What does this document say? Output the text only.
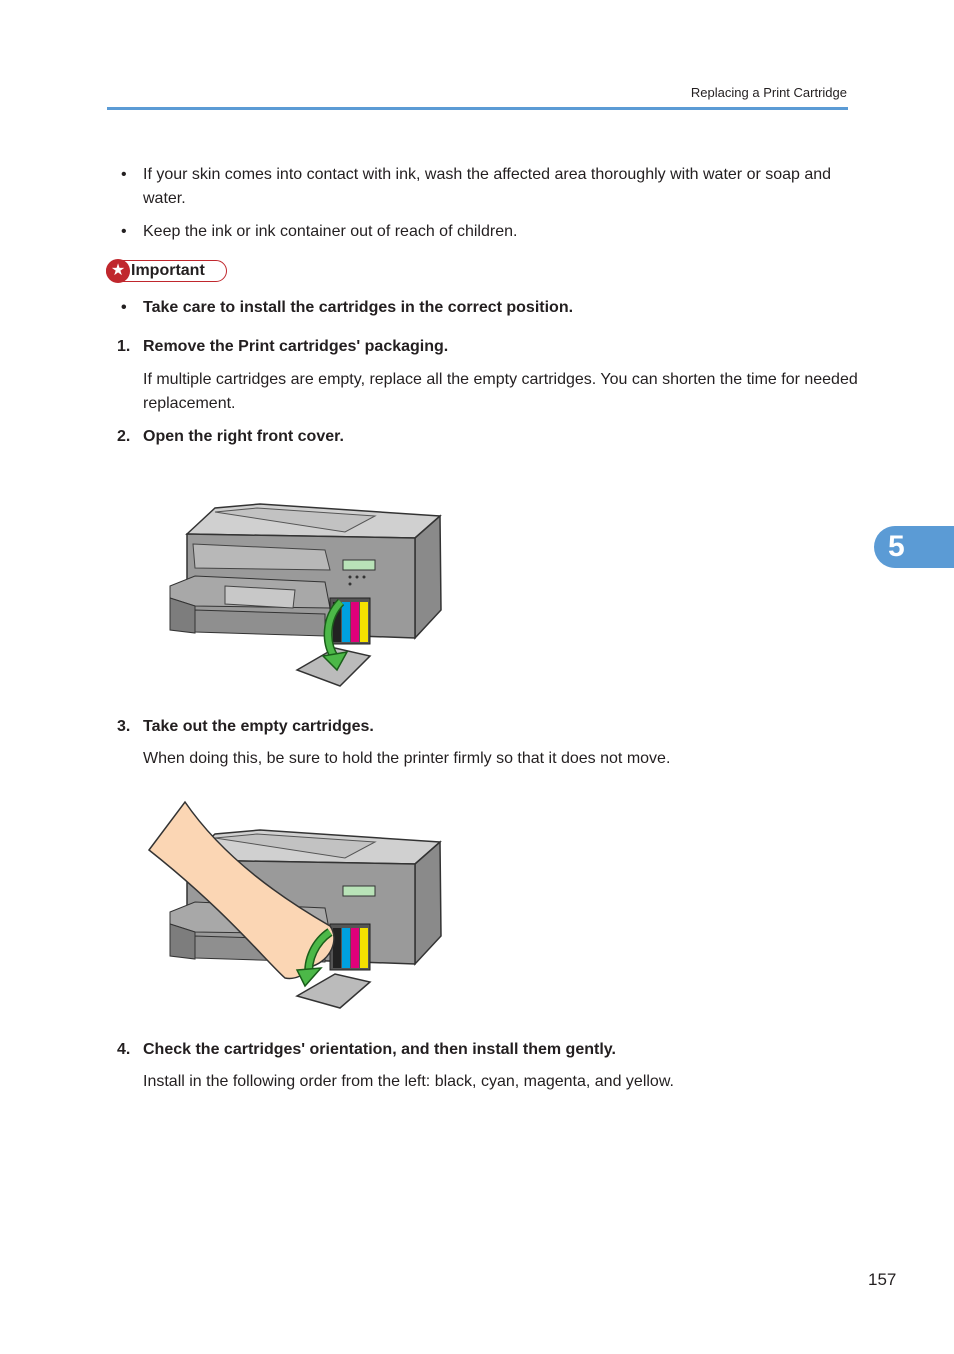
Replacing a Print Cartridge
5
• If your skin comes into contact with ink, wash the affected area thoroughly with water or soap and
water.
• Keep the ink or ink container out of reach of children.
★ Important
• Take care to install the cartridges in the correct position.
1. Remove the Print cartridges' packaging.
If multiple cartridges are empty, replace all the empty cartridges. You can shorten the time for needed
replacement.
2. Open the right front cover.
3. Take out the empty cartridges.
When doing this, be sure to hold the printer firmly so that it does not move.
4. Check the cartridges' orientation, and then install them gently.
Install in the following order from the left: black, cyan, magenta, and yellow.
157
